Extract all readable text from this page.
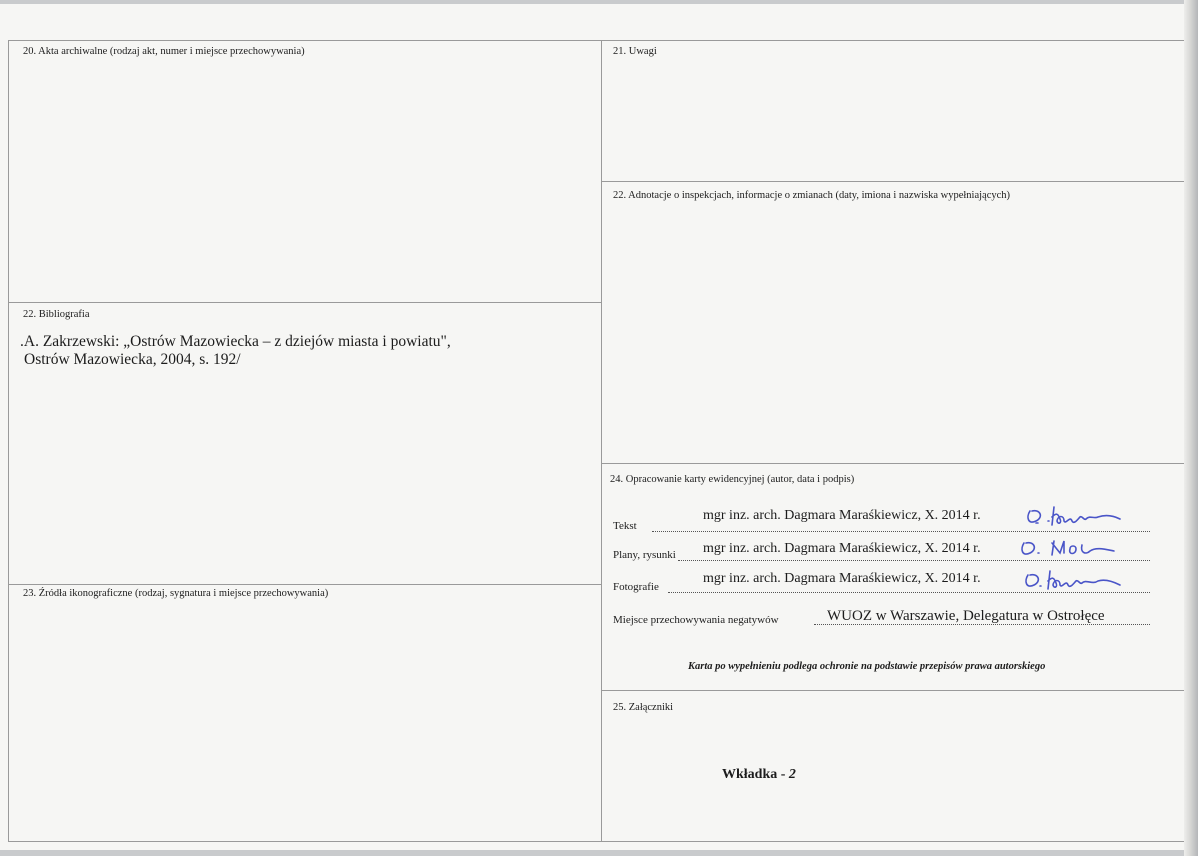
20. Akta archiwalne (rodzaj akt, numer i miejsce przechowywania)
22. Bibliografia
.A. Zakrzewski: „Ostrów Mazowiecka – z dziejów miasta i powiatu",
Ostrów Mazowiecka, 2004, s. 192/
23. Źródła ikonograficzne (rodzaj, sygnatura i miejsce przechowywania)
21. Uwagi
22. Adnotacje o inspekcjach, informacje o zmianach (daty, imiona i nazwiska wypełniających)
24. Opracowanie karty ewidencyjnej (autor, data i podpis)
Tekst
mgr inz. arch. Dagmara Maraśkiewicz, X. 2014 r.
Plany, rysunki mgr inz. arch. Dagmara Maraśkiewicz, X. 2014 r.
Fotografie
mgr inz. arch. Dagmara Maraśkiewicz, X. 2014 r.
Miejsce przechowywania negatywów	WUOZ w Warszawie, Delegatura w Ostrołęce
Karta po wypełnieniu podlega ochronie na podstawie przepisów prawa autorskiego
25. Załączniki
Wkładka - 2
